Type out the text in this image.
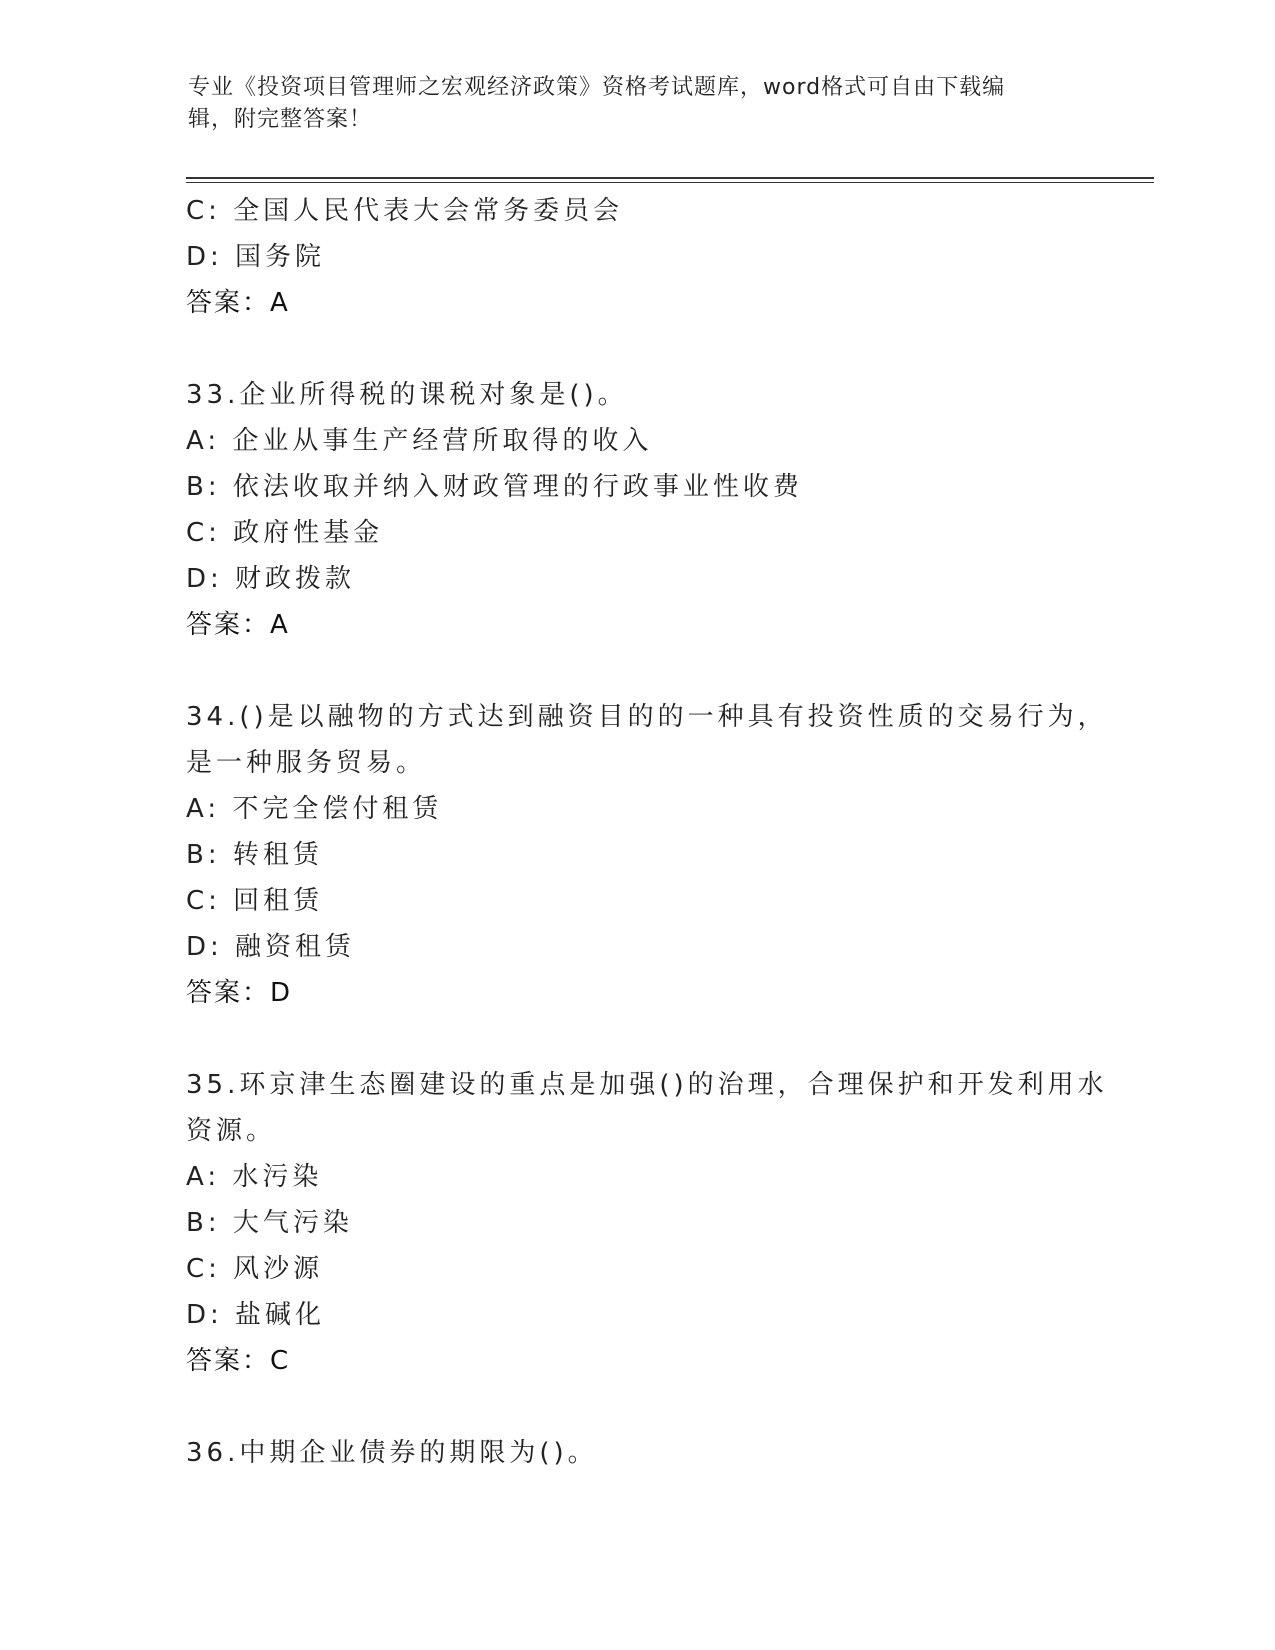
专业《投资项目管理师之宏观经济政策》资格考试题库，word格式可自由下载编
辑，附完整答案！
C: 全国人民代表大会常务委员会
D: 国务院
答案：A
33.企业所得税的课税对象是()。
A: 企业从事生产经营所取得的收入
B: 依法收取并纳入财政管理的行政事业性收费
C: 政府性基金
D: 财政拨款
答案：A
34.()是以融物的方式达到融资目的的一种具有投资性质的交易行为，
是一种服务贸易。
A: 不完全偿付租赁
B: 转租赁
C: 回租赁
D: 融资租赁
答案：D
35.环京津生态圈建设的重点是加强()的治理，合理保护和开发利用水
资源。
A: 水污染
B: 大气污染
C: 风沙源
D: 盐碱化
答案：C
36.中期企业债券的期限为()。
